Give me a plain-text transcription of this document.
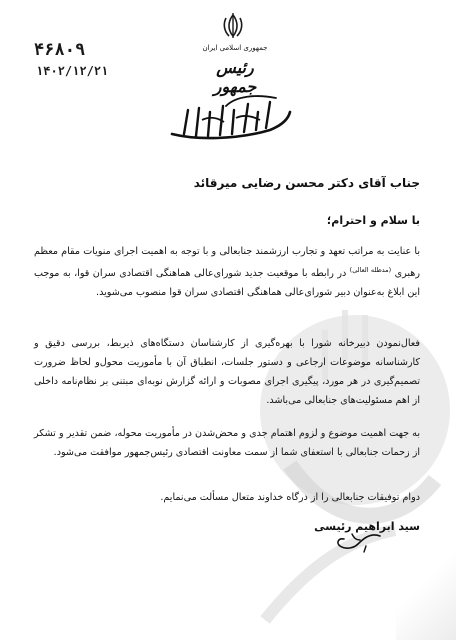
۴۶۸۰۹
۱۴۰۲/۱۲/۲۱
جمهوری اسلامی ایران
رئیس جمهور
جناب آقای دکتر محسن رضایی میرقائد
با سلام و احترام؛
با عنایت به مراتب تعهد و تجارب ارزشمند جنابعالی و با توجه به اهمیت اجرای منویات مقام معظم رهبری $^{(مدظله العالی)}$ در رابطه با موقعیت جدید شورای‌عالی هماهنگی اقتصادی سران قوا، به موجب این ابلاغ به‌عنوان دبیر شورای‌عالی هماهنگی اقتصادی سران قوا منصوب می‌شوید.
فعال‌نمودن دبیرخانه شورا با بهره‌گیری از کارشناسان دستگاه‌های ذیربط، بررسی دقیق و کارشناسانه موضوعات ارجاعی و دستور جلسات، انطباق آن با مأموریت محول‌و لحاظ ضرورت تصمیم‌گیری در هر مورد، پیگیری اجرای مصوبات و ارائه گزارش نوبه‌ای مبتنی بر نظام‌نامه داخلی از اهم مسئولیت‌های جنابعالی می‌باشد.
به جهت اهمیت موضوع و لزوم اهتمام جدی و محض‌شدن در مأموریت محوله، ضمن تقدیر و تشکر از زحمات جنابعالی با استعفای شما از سمت معاونت اقتصادی رئیس‌جمهور موافقت می‌شود.
دوام توفیقات جنابعالی را از درگاه خداوند متعال مسألت می‌نمایم.
سید ابراهیم رئیسی
